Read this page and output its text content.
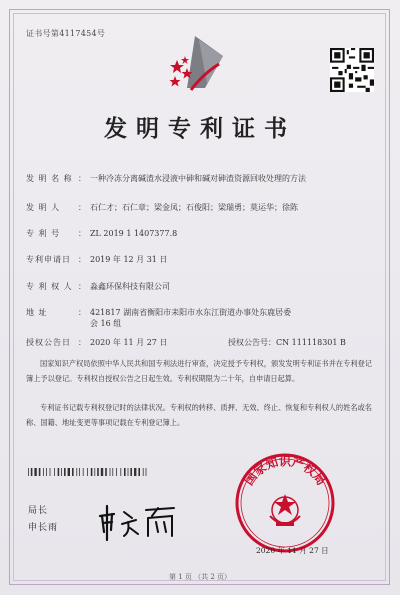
证书号第4117454号
发明专利证书
发 明 名 称 ： 一种冷冻分离碱渣水浸液中砷和碱对砷渣资源回收处理的方法
发 明 人 ： 石仁才；石仁章；梁金凤；石俊阳；梁瑞勇；莫运华；徐陈
专 利 号 ： ZL 2019 1 1407377.8
专利申请日 ： 2019 年 12 月 31 日
专 利 权 人 ： 淼鑫环保科技有限公司
地 址	： 421817 湖南省衡阳市耒阳市水东江街道办事处东鹿居委
会 16 组
授权公告日 ： 2020 年 11 月 27 日	授权公告号：CN 111118301 B
国家知识产权局依照中华人民共和国专利法进行审查，决定授予专利权，颁发发明专利证书并在专利登记簿上予以登记。专利权自授权公告之日起生效。专利权期限为二十年，自申请日起算。
专利证书记载专利权登记时的法律状况。专利权的转移、质押、无效、终止、恢复和专利权人的姓名或名称、国籍、地址变更等事项记载在专利登记簿上。
局长
申长雨
国家知识产权局
2020 年 11 月 27 日
第 1 页 （共 2 页）
